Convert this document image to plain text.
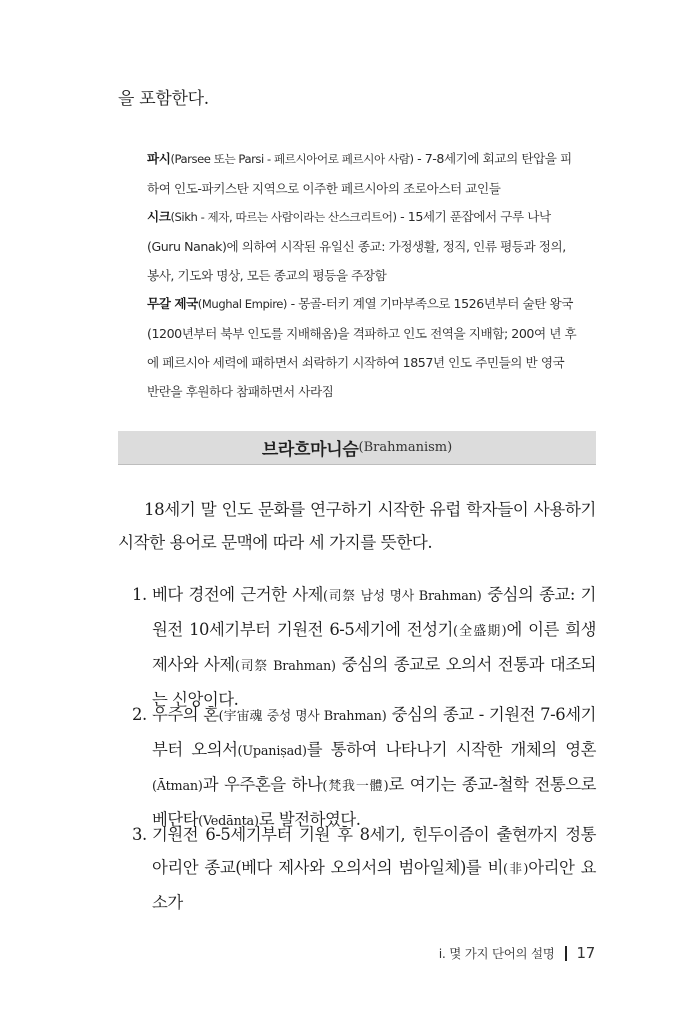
을 포함한다.
파시(Parsee 또는 Parsi - 페르시아어로 페르시아 사람) - 7-8세기에 회교의 탄압을 피하여 인도-파키스탄 지역으로 이주한 페르시아의 조로아스터 교인들
시크(Sikh - 제자, 따르는 사람이라는 산스크리트어) - 15세기 푼잡에서 구루 나낙(Guru Nanak)에 의하여 시작된 유일신 종교: 가정생활, 정직, 인류 평등과 정의, 봉사, 기도와 명상, 모든 종교의 평등을 주장함
무갈 제국(Mughal Empire) - 몽골-터키 계열 기마부족으로 1526년부터 술탄 왕국(1200년부터 북부 인도를 지배해옴)을 격파하고 인도 전역을 지배함; 200여 년 후에 페르시아 세력에 패하면서 쇠락하기 시작하여 1857년 인도 주민들의 반 영국 반란을 후원하다 참패하면서 사라짐
브라흐마니슴 (Brahmanism)
18세기 말 인도 문화를 연구하기 시작한 유럽 학자들이 사용하기 시작한 용어로 문맥에 따라 세 가지를 뜻한다.
1. 베다 경전에 근거한 사제(司祭 남성 명사 Brahman) 중심의 종교: 기원전 10세기부터 기원전 6-5세기에 전성기(全盛期)에 이른 희생 제사와 사제(司祭 Brahman) 중심의 종교로 오의서 전통과 대조되는 신앙이다.
2. 우주의 혼(宇宙魂 중성 명사 Brahman) 중심의 종교 - 기원전 7-6세기부터 오의서(Upaniṣad)를 통하여 나타나기 시작한 개체의 영혼(Ātman)과 우주혼을 하나(梵我一體)로 여기는 종교-철학 전통으로 베단타(Vedānta)로 발전하였다.
3. 기원전 6-5세기부터 기원 후 8세기, 힌두이즘이 출현까지 정통 아리안 종교(베다 제사와 오의서의 범아일체)를 비(非)아리안 요소가
i. 몇 가지 단어의 설명 17
